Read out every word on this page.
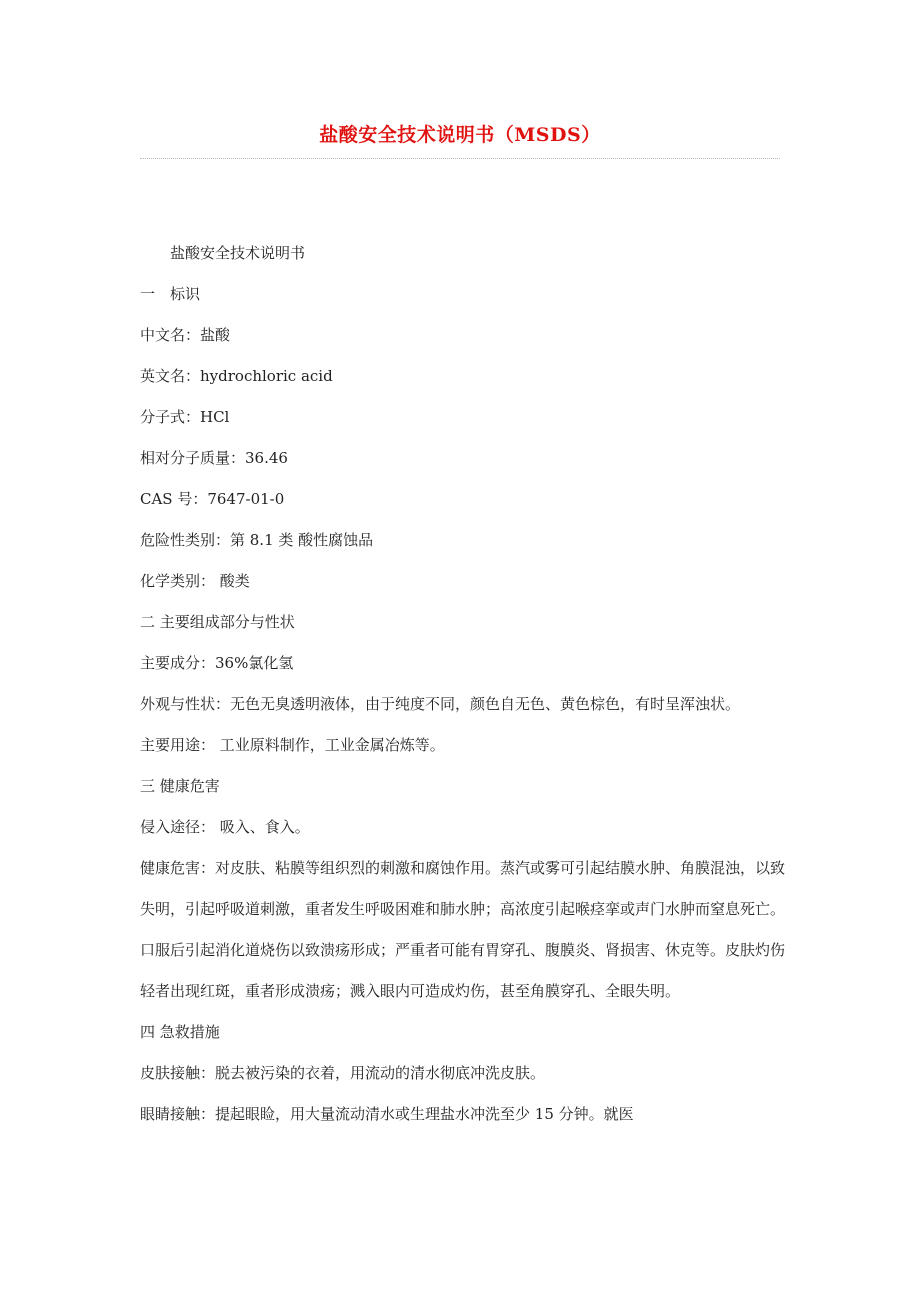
盐酸安全技术说明书（MSDS）
盐酸安全技术说明书
一　标识
中文名：盐酸
英文名：hydrochloric acid
分子式：HCl
相对分子质量：36.46
CAS 号：7647-01-0
危险性类别：第 8.1 类 酸性腐蚀品
化学类别： 酸类
二 主要组成部分与性状
主要成分：36%氯化氢
外观与性状：无色无臭透明液体，由于纯度不同，颜色自无色、黄色棕色，有时呈浑浊状。
主要用途： 工业原料制作，工业金属冶炼等。
三 健康危害
侵入途径： 吸入、食入。
健康危害：对皮肤、粘膜等组织烈的刺激和腐蚀作用。蒸汽或雾可引起结膜水肿、角膜混浊，以致失明，引起呼吸道刺激，重者发生呼吸困难和肺水肿；高浓度引起喉痉挛或声门水肿而窒息死亡。口服后引起消化道烧伤以致溃疡形成；严重者可能有胃穿孔、腹膜炎、肾损害、休克等。皮肤灼伤轻者出现红斑，重者形成溃疡；溅入眼内可造成灼伤，甚至角膜穿孔、全眼失明。
四 急救措施
皮肤接触：脱去被污染的衣着，用流动的清水彻底冲洗皮肤。
眼睛接触：提起眼睑，用大量流动清水或生理盐水冲洗至少 15 分钟。就医
